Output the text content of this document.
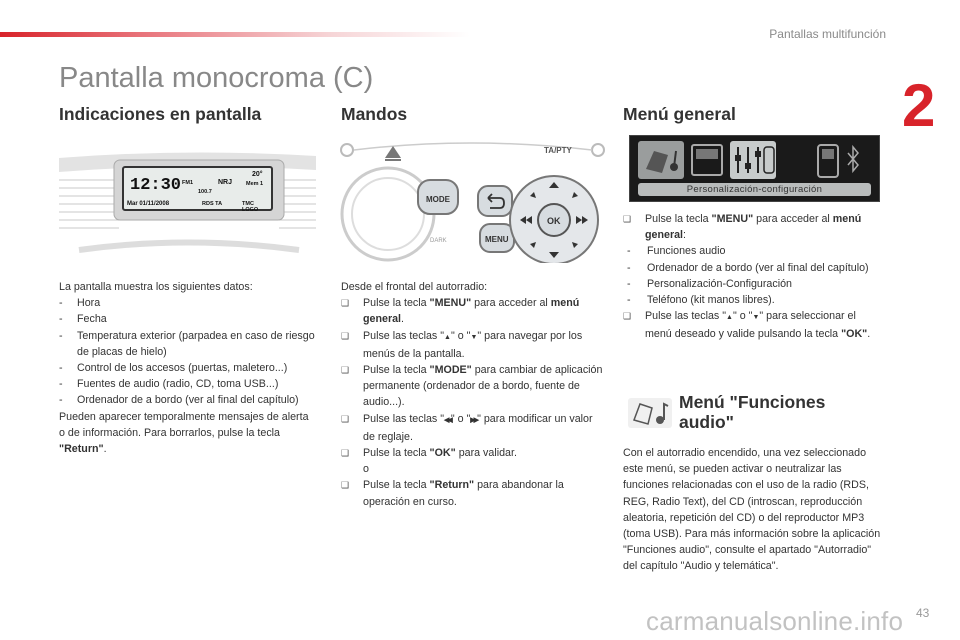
Pantallas multifunción
2
Pantalla monocroma (C)
Indicaciones en pantalla
12:30
Mar 01/11/2008
20°
FM1	NRJ
100.7
Mem 1
RDS TA	TMC LOGO
La pantalla muestra los siguientes datos:
- Hora
- Fecha
- Temperatura exterior (parpadea en caso de riesgo de placas de hielo)
- Control de los accesos (puertas, maletero...)
- Fuentes de audio (radio, CD, toma USB...)
- Ordenador de a bordo (ver al final del capítulo)
Pueden aparecer temporalmente mensajes de alerta o de información. Para borrarlos, pulse la tecla "Return".
Mandos
TA/PTY
MODE
DARK	MENU
OK
Desde el frontal del autorradio:
❑ Pulse la tecla "MENU" para acceder al menú general.
❑ Pulse las teclas "▲" o "▼" para navegar por los menús de la pantalla.
❑ Pulse la tecla "MODE" para cambiar de aplicación permanente (ordenador de a bordo, fuente de audio...).
❑ Pulse las teclas "◀◀" o "▶▶" para modificar un valor de reglaje.
❑ Pulse la tecla "OK" para validar.
o
❑ Pulse la tecla "Return" para abandonar la operación en curso.
Menú general
Personalización-configuración
❑ Pulse la tecla "MENU" para acceder al menú general:
- Funciones audio
- Ordenador de a bordo (ver al final del capítulo)
- Personalización-Configuración
- Teléfono (kit manos libres).
❑ Pulse las teclas "▲" o "▼" para seleccionar el menú deseado y valide pulsando la tecla "OK".
Menú "Funciones
audio"
Con el autorradio encendido, una vez seleccionado este menú, se pueden activar o neutralizar las funciones relacionadas con el uso de la radio (RDS, REG, Radio Text), del CD (introscan, reproducción aleatoria, repetición del CD) o del reproductor MP3 (toma USB). Para más información sobre la aplicación "Funciones audio", consulte el apartado "Autorradio" del capítulo "Audio y telemática".
carmanualsonline.info 43
